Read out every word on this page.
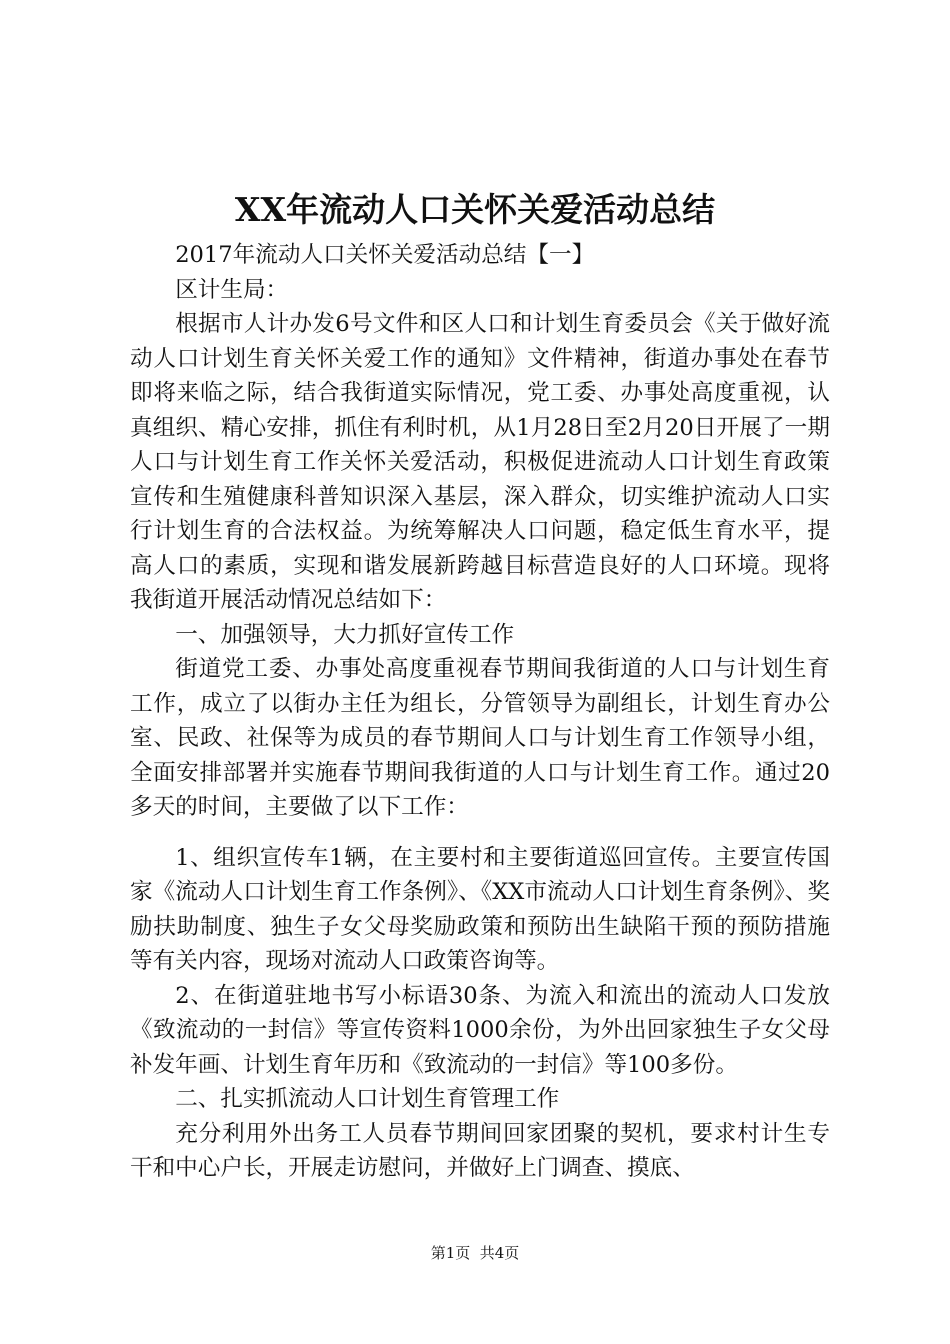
XX年流动人口关怀关爱活动总结

2017年流动人口关怀关爱活动总结【一】

区计生局：

根据市人计办发6号文件和区人口和计划生育委员会《关于做好流动人口计划生育关怀关爱工作的通知》文件精神，街道办事处在春节即将来临之际，结合我街道实际情况，党工委、办事处高度重视，认真组织、精心安排，抓住有利时机，从1月28日至2月20日开展了一期人口与计划生育工作关怀关爱活动，积极促进流动人口计划生育政策宣传和生殖健康科普知识深入基层，深入群众，切实维护流动人口实行计划生育的合法权益。为统筹解决人口问题，稳定低生育水平，提高人口的素质，实现和谐发展新跨越目标营造良好的人口环境。现将我街道开展活动情况总结如下：

一、加强领导，大力抓好宣传工作

街道党工委、办事处高度重视春节期间我街道的人口与计划生育工作，成立了以街办主任为组长，分管领导为副组长，计划生育办公室、民政、社保等为成员的春节期间人口与计划生育工作领导小组，全面安排部署并实施春节期间我街道的人口与计划生育工作。通过20多天的时间，主要做了以下工作：

1、组织宣传车1辆，在主要村和主要街道巡回宣传。主要宣传国家《流动人口计划生育工作条例》、《XX市流动人口计划生育条例》、奖励扶助制度、独生子女父母奖励政策和预防出生缺陷干预的预防措施等有关内容，现场对流动人口政策咨询等。

2、在街道驻地书写小标语30条、为流入和流出的流动人口发放《致流动的一封信》等宣传资料1000余份，为外出回家独生子女父母补发年画、计划生育年历和《致流动的一封信》等100多份。

二、扎实抓流动人口计划生育管理工作

充分利用外出务工人员春节期间回家团聚的契机，要求村计生专干和中心户长，开展走访慰问，并做好上门调查、摸底、

第1页  共4页
